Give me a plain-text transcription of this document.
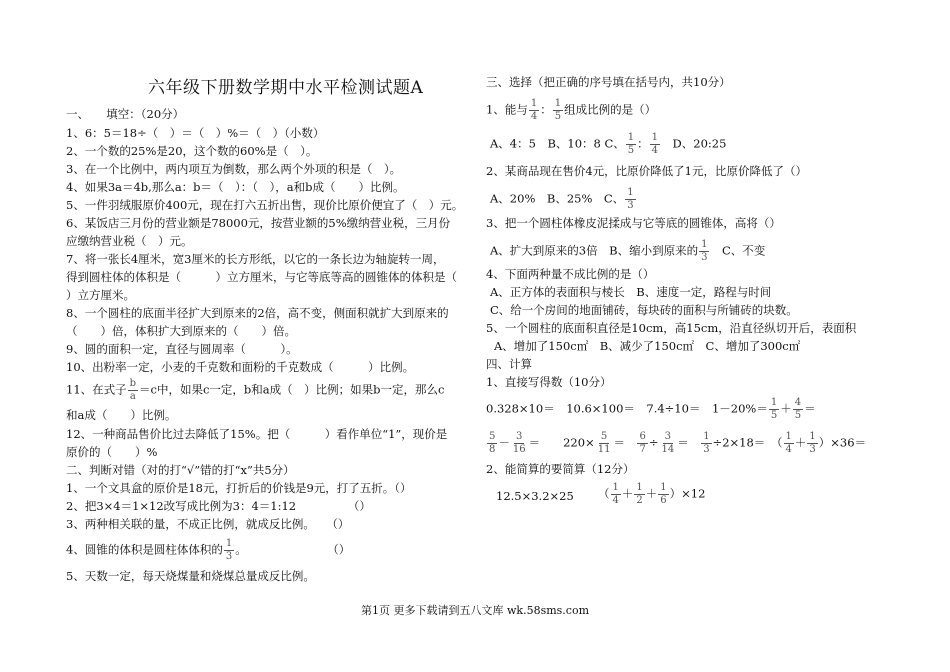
六年级下册数学期中水平检测试题A
一、　　填空：（20分）
1、6：5＝18÷（　）＝（　）%＝（　）（小数）
2、一个数的25%是20，这个数的60%是（　）。
3、在一个比例中，两内项互为倒数，那么两个外项的积是（　）。
4、如果3a＝4b,那么a：b＝（　）：（　），a和b成（　　）比例。
5、一件羽绒服原价400元，现在打六五折出售，现价比原价便宜了（　）元。
6、某饭店三月份的营业额是78000元，按营业额的5%缴纳营业税，三月份
应缴纳营业税（　）元。
7、将一张长4厘米，宽3厘米的长方形纸，以它的一条长边为轴旋转一周，
得到圆柱体的体积是（　　　）立方厘米，与它等底等高的圆锥体的体积是（
）立方厘米。
8、一个圆柱的底面半径扩大到原来的2倍，高不变，侧面积就扩大到原来的
（　　）倍，体积扩大到原来的（　　）倍。
9、圆的面积一定，直径与圆周率（　　　）。
10、出粉率一定，小麦的千克数和面粉的千克数成（　　　）比例。
11、在式子 $\frac{b}{a} =c$中，如果c一定，b和a成（　）比例；如果b一定，那么c
和a成（　　）比例。
12、一种商品售价比过去降低了15%。把（　　　）看作单位“1”，现价是
原价的（　　）%
二、判断对错（对的打“√”错的打“x”共5分）
1、一个文具盒的原价是18元，打折后的价钱是9元，打了五折。（）
2、把3×4＝1×12改写成比例为3：4＝1:12　　　　　（）
3、两种相关联的量，不成正比例，就成反比例。　　（）
4、圆锥的体积是圆柱体体积的 $\frac{1}{3}$ 。　　　　　　　　（）
5、天数一定，每天烧煤量和烧煤总量成反比例。
三、选择（把正确的序号填在括号内，共10分）
1、能与 $\frac{1}{4}$ ： $\frac{1}{5}$ 组成比例的是（）
A、4：5　B、10：8 C、 $\frac{1}{5}$ ： $\frac{1}{4}$ 　D、20:25
2、某商品现在售价4元，比原价降低了1元，比原价降低了（）
A、20%　B、25%　C、 $\frac{1}{3}$
3、把一个圆柱体橡皮泥揉成与它等底的圆锥体，高将（）
A、扩大到原来的3倍　B、缩小到原来的 $\frac{1}{3}$ 　C、不变
4、下面两种量不成比例的是（）
A、正方体的表面积与棱长　B、速度一定，路程与时间
C、给一个房间的地面铺砖，每块砖的面积与所铺砖的块数。
5、一个圆柱的底面积直径是10cm，高15cm，沿直径纵切开后，表面积
A、增加了150c㎡　B、减少了150c㎡　C、增加了300c㎡
四、计算
1、直接写得数（10分）
0.328×10＝　10.6×100＝　7.4÷10＝　$1-20\%= \frac{1}{5} + \frac{4}{5}$ ＝
$\frac{5}{8} - \frac{3}{16}$ ＝　　$220\times \frac{5}{11}$ ＝　 $\frac{6}{7} \div \frac{3}{14}$ ＝　 $\frac{1}{3} \div 2\times 18=$　（ $\frac{1}{4} + \frac{1}{3} )\times 36=$
2、能简算的要简算（12分）
12.5×3.2×25 （ $\frac{1}{4} + \frac{1}{2} + \frac{1}{6} )\times 12$
第1页 更多下载请到五八文库 wk.58sms.com
